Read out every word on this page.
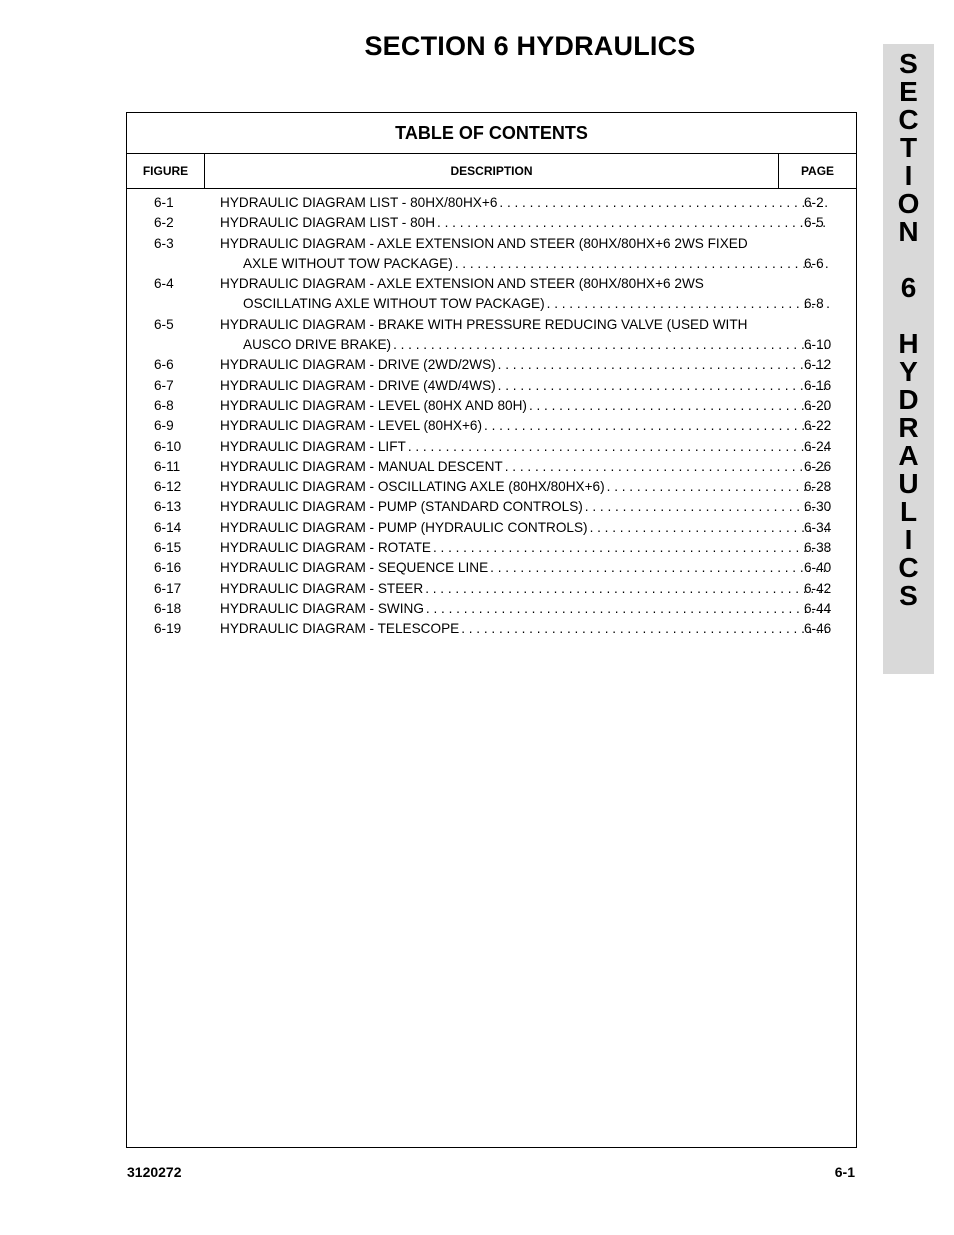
SECTION 6 HYDRAULICS
S
E
C
T
I
O
N
6
H
Y
D
R
A
U
L
I
C
S
TABLE OF CONTENTS
FIGURE	DESCRIPTION	PAGE
6-1	HYDRAULIC DIAGRAM LIST - 80HX/80HX+6 . . .	6-2
6-2	HYDRAULIC DIAGRAM LIST - 80H . . .	6-5
6-3	HYDRAULIC DIAGRAM - AXLE EXTENSION AND STEER (80HX/80HX+6 2WS FIXED
AXLE WITHOUT TOW PACKAGE) . . .	6-6
6-4	HYDRAULIC DIAGRAM - AXLE EXTENSION AND STEER (80HX/80HX+6 2WS
OSCILLATING AXLE WITHOUT TOW PACKAGE) . . .	6-8
6-5	HYDRAULIC DIAGRAM - BRAKE WITH PRESSURE REDUCING VALVE (USED WITH
AUSCO DRIVE BRAKE) . . .	6-10
6-6	HYDRAULIC DIAGRAM - DRIVE (2WD/2WS) . . .	6-12
6-7	HYDRAULIC DIAGRAM - DRIVE (4WD/4WS) . . .	6-16
6-8	HYDRAULIC DIAGRAM - LEVEL (80HX AND 80H) . . .	6-20
6-9	HYDRAULIC DIAGRAM - LEVEL (80HX+6) . . .	6-22
6-10	HYDRAULIC DIAGRAM - LIFT . . .	6-24
6-11	HYDRAULIC DIAGRAM - MANUAL DESCENT . . .	6-26
6-12	HYDRAULIC DIAGRAM - OSCILLATING AXLE (80HX/80HX+6) . . .	6-28
6-13	HYDRAULIC DIAGRAM - PUMP (STANDARD CONTROLS) . . .	6-30
6-14	HYDRAULIC DIAGRAM - PUMP (HYDRAULIC CONTROLS) . . .	6-34
6-15	HYDRAULIC DIAGRAM - ROTATE . . .	6-38
6-16	HYDRAULIC DIAGRAM - SEQUENCE LINE . . .	6-40
6-17	HYDRAULIC DIAGRAM - STEER . . .	6-42
6-18	HYDRAULIC DIAGRAM - SWING . . .	6-44
6-19	HYDRAULIC DIAGRAM - TELESCOPE . . .	6-46
3120272	6-1
